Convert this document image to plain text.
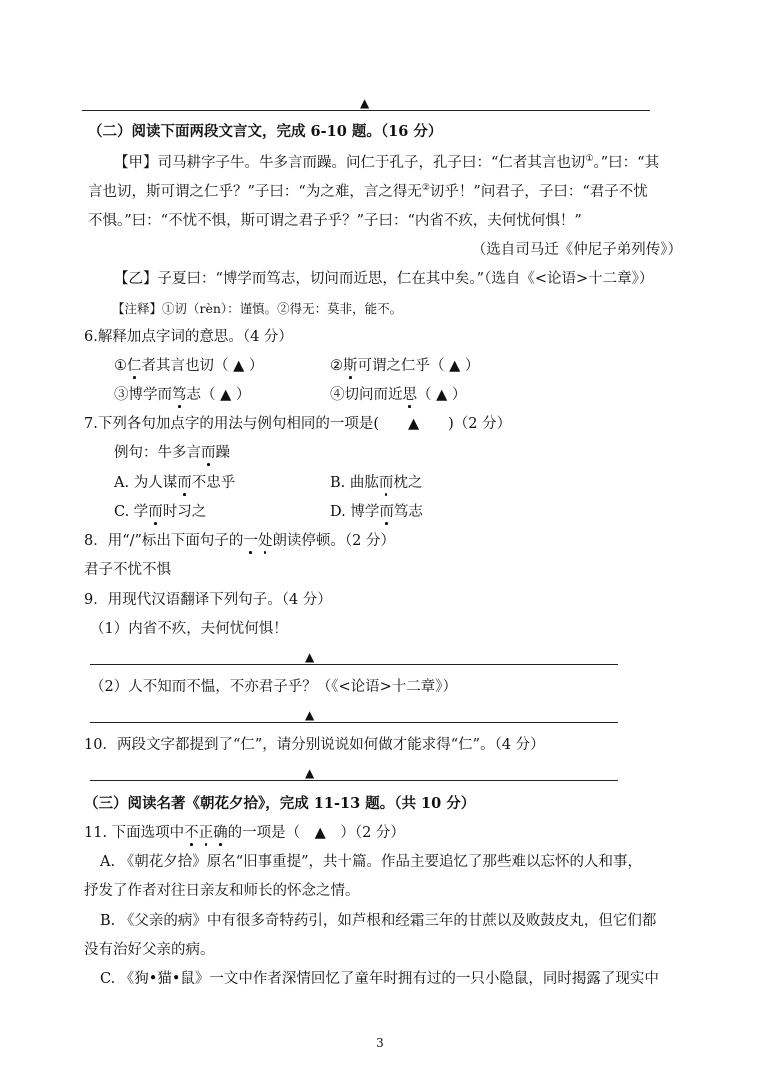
▲
（二）阅读下面两段文言文，完成 6-10 题。（16 分）
【甲】司马耕字子牛。牛多言而躁。问仁于孔子，孔子曰：“仁者其言也讱①。”曰：“其
言也讱，斯可谓之仁乎？”子曰：“为之难，言之得无②讱乎！”问君子，子曰：“君子不忧
不惧。”曰：“不忧不惧，斯可谓之君子乎？”子曰：“内省不疚，夫何忧何惧！”
（选自司马迁《仲尼子弟列传》）
【乙】子夏曰：“博学而笃志，切问而近思，仁在其中矣。”（选自《<论语>十二章》）
【注释】①讱（rèn）：谨慎。②得无：莫非，能不。
6.解释加点字词的意思。（4 分）
①仁者其言也讱（ ▲ ）	②斯可谓之仁乎（ ▲ ）
③博学而笃志（ ▲ ）	④切问而近思（ ▲ ）
7.下列各句加点字的用法与例句相同的一项是(　　▲　　)（2 分）
例句：牛多言而躁
A. 为人谋而不忠乎	B. 曲肱而枕之
C. 学而时习之	D. 博学而笃志
8．用“/”标出下面句子的一处朗读停顿。（2 分）
君子不忧不惧
9．用现代汉语翻译下列句子。（4 分）
（1）内省不疚，夫何忧何惧！
▲
（2）人不知而不愠，不亦君子乎？（《<论语>十二章》）
▲
10．两段文字都提到了“仁”，请分别说说如何做才能求得“仁”。（4 分）
▲
（三）阅读名著《朝花夕拾》，完成 11-13 题。（共 10 分）
11. 下面选项中不正确的一项是（　▲　）（2 分）
A. 《朝花夕拾》原名“旧事重提”，共十篇。作品主要追忆了那些难以忘怀的人和事，
抒发了作者对往日亲友和师长的怀念之情。
B. 《父亲的病》中有很多奇特药引，如芦根和经霜三年的甘蔗以及败鼓皮丸，但它们都
没有治好父亲的病。
C. 《狗•猫•鼠》一文中作者深情回忆了童年时拥有过的一只小隐鼠，同时揭露了现实中
3
